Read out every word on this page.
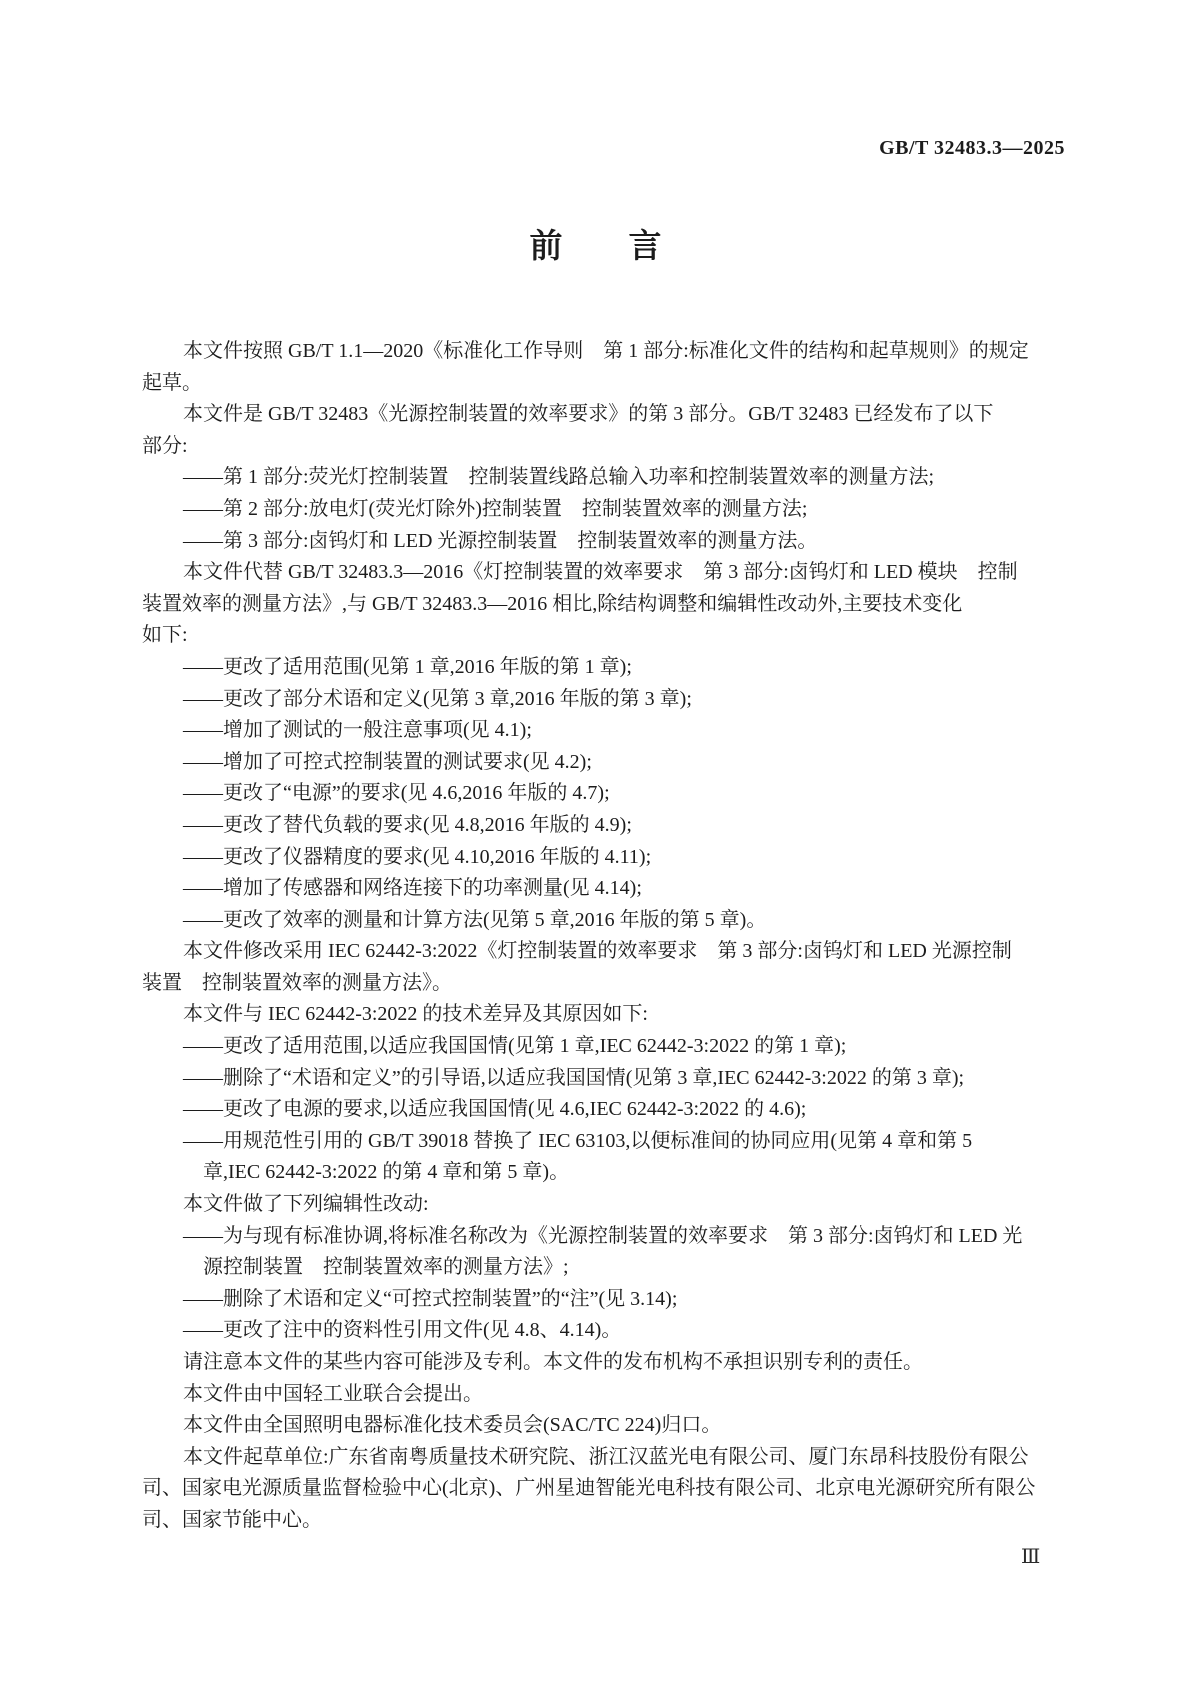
GB/T 32483.3—2025
前　　言
本文件按照 GB/T 1.1—2020《标准化工作导则　第 1 部分:标准化文件的结构和起草规则》的规定
起草。
本文件是 GB/T 32483《光源控制装置的效率要求》的第 3 部分。GB/T 32483 已经发布了以下
部分:
——第 1 部分:荧光灯控制装置　控制装置线路总输入功率和控制装置效率的测量方法;
——第 2 部分:放电灯(荧光灯除外)控制装置　控制装置效率的测量方法;
——第 3 部分:卤钨灯和 LED 光源控制装置　控制装置效率的测量方法。
本文件代替 GB/T 32483.3—2016《灯控制装置的效率要求　第 3 部分:卤钨灯和 LED 模块　控制
装置效率的测量方法》,与 GB/T 32483.3—2016 相比,除结构调整和编辑性改动外,主要技术变化
如下:
——更改了适用范围(见第 1 章,2016 年版的第 1 章);
——更改了部分术语和定义(见第 3 章,2016 年版的第 3 章);
——增加了测试的一般注意事项(见 4.1);
——增加了可控式控制装置的测试要求(见 4.2);
——更改了“电源”的要求(见 4.6,2016 年版的 4.7);
——更改了替代负载的要求(见 4.8,2016 年版的 4.9);
——更改了仪器精度的要求(见 4.10,2016 年版的 4.11);
——增加了传感器和网络连接下的功率测量(见 4.14);
——更改了效率的测量和计算方法(见第 5 章,2016 年版的第 5 章)。
本文件修改采用 IEC 62442-3:2022《灯控制装置的效率要求　第 3 部分:卤钨灯和 LED 光源控制
装置　控制装置效率的测量方法》。
本文件与 IEC 62442-3:2022 的技术差异及其原因如下:
——更改了适用范围,以适应我国国情(见第 1 章,IEC 62442-3:2022 的第 1 章);
——删除了“术语和定义”的引导语,以适应我国国情(见第 3 章,IEC 62442-3:2022 的第 3 章);
——更改了电源的要求,以适应我国国情(见 4.6,IEC 62442-3:2022 的 4.6);
——用规范性引用的 GB/T 39018 替换了 IEC 63103,以便标准间的协同应用(见第 4 章和第 5
章,IEC 62442-3:2022 的第 4 章和第 5 章)。
本文件做了下列编辑性改动:
——为与现有标准协调,将标准名称改为《光源控制装置的效率要求　第 3 部分:卤钨灯和 LED 光
源控制装置　控制装置效率的测量方法》;
——删除了术语和定义“可控式控制装置”的“注”(见 3.14);
——更改了注中的资料性引用文件(见 4.8、4.14)。
请注意本文件的某些内容可能涉及专利。本文件的发布机构不承担识别专利的责任。
本文件由中国轻工业联合会提出。
本文件由全国照明电器标准化技术委员会(SAC/TC 224)归口。
本文件起草单位:广东省南粤质量技术研究院、浙江汉蓝光电有限公司、厦门东昂科技股份有限公
司、国家电光源质量监督检验中心(北京)、广州星迪智能光电科技有限公司、北京电光源研究所有限公
司、国家节能中心。
Ⅲ
